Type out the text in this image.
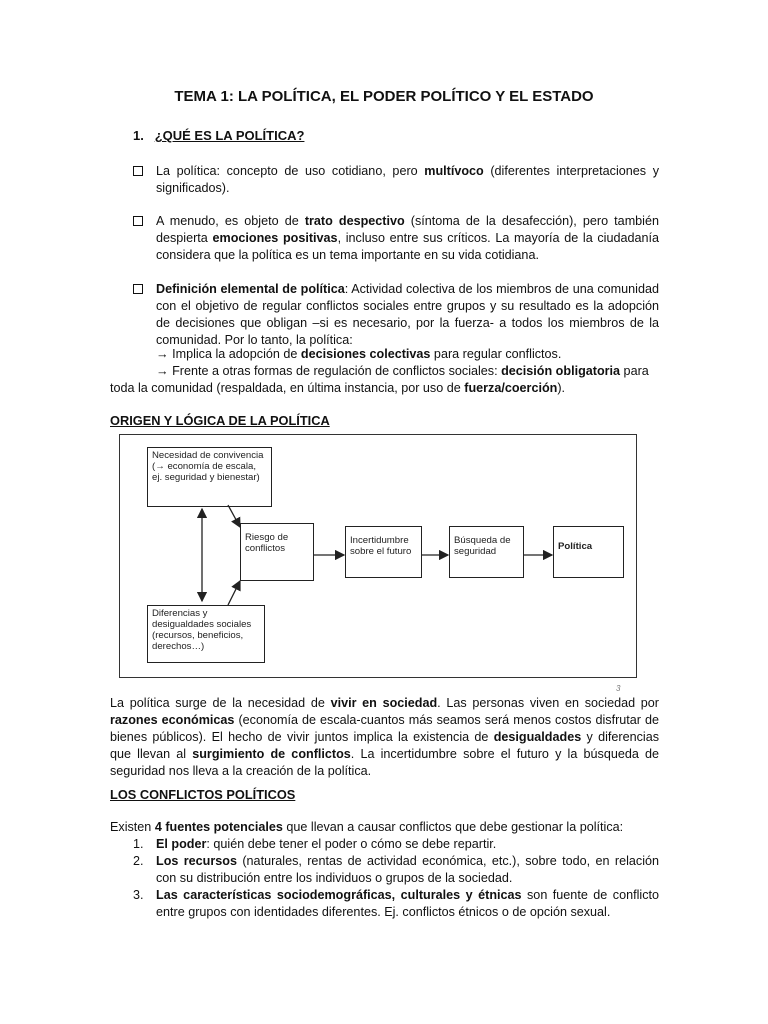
TEMA 1: LA POLÍTICA, EL PODER POLÍTICO Y EL ESTADO
1. ¿QUÉ ES LA POLÍTICA?
La política: concepto de uso cotidiano, pero multívoco (diferentes interpretaciones y significados).
A menudo, es objeto de trato despectivo (síntoma de la desafección), pero también despierta emociones positivas, incluso entre sus críticos. La mayoría de la ciudadanía considera que la política es un tema importante en su vida cotidiana.
Definición elemental de política: Actividad colectiva de los miembros de una comunidad con el objetivo de regular conflictos sociales entre grupos y su resultado es la adopción de decisiones que obligan –si es necesario, por la fuerza- a todos los miembros de la comunidad. Por lo tanto, la política:
→ Implica la adopción de decisiones colectivas para regular conflictos.
→ Frente a otras formas de regulación de conflictos sociales: decisión obligatoria para
toda la comunidad (respaldada, en última instancia, por uso de fuerza/coerción).
ORIGEN Y LÓGICA DE LA POLÍTICA
Necesidad de convivencia (→ economía de escala, ej. seguridad y bienestar)
Riesgo de conflictos
Incertidumbre sobre el futuro
Búsqueda de seguridad	Política
Diferencias y desigualdades sociales (recursos, beneficios, derechos…)
3
La política surge de la necesidad de vivir en sociedad. Las personas viven en sociedad por razones económicas (economía de escala-cuantos más seamos será menos costos disfrutar de bienes públicos). El hecho de vivir juntos implica la existencia de desigualdades y diferencias que llevan al surgimiento de conflictos. La incertidumbre sobre el futuro y la búsqueda de seguridad nos lleva a la creación de la política.
LOS CONFLICTOS POLÍTICOS
Existen 4 fuentes potenciales que llevan a causar conflictos que debe gestionar la política:
1. El poder: quién debe tener el poder o cómo se debe repartir.
2. Los recursos (naturales, rentas de actividad económica, etc.), sobre todo, en relación con su distribución entre los individuos o grupos de la sociedad.
3. Las características sociodemográficas, culturales y étnicas son fuente de conflicto entre grupos con identidades diferentes. Ej. conflictos étnicos o de opción sexual.
